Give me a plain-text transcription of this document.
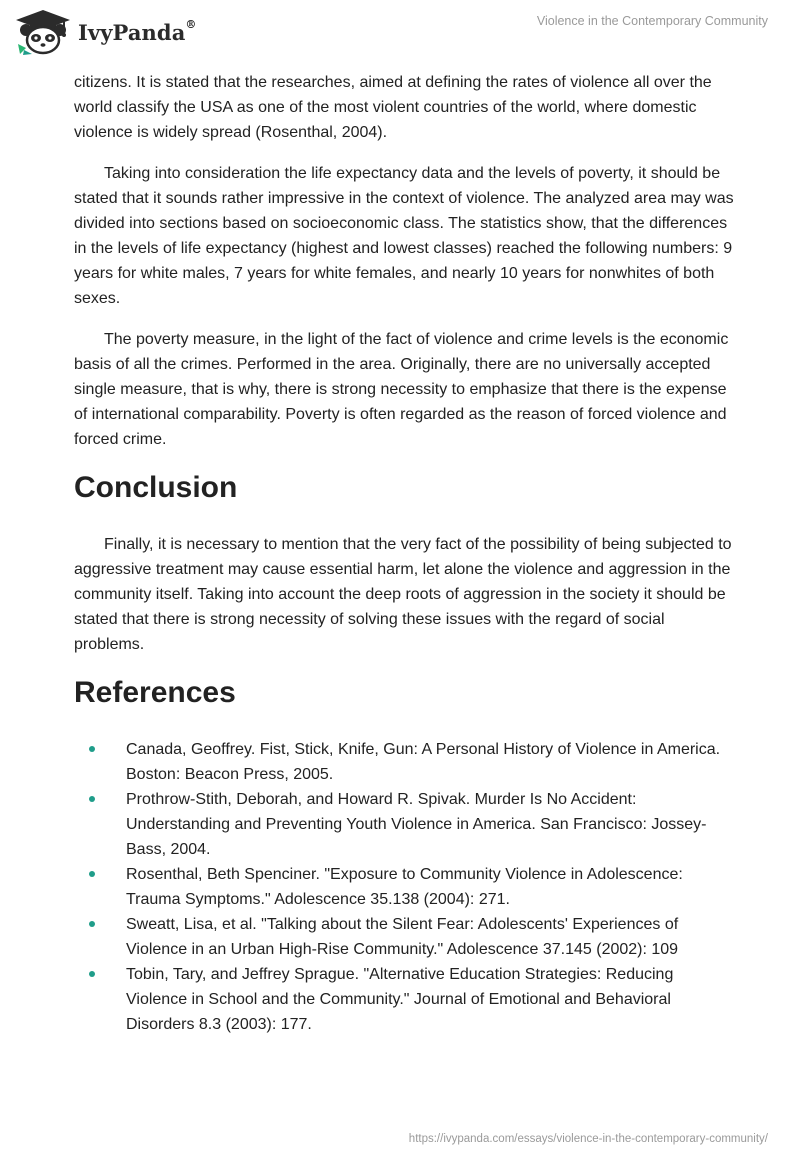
IvyPanda®	Violence in the Contemporary Community

citizens. It is stated that the researches, aimed at defining the rates of violence all over the world classify the USA as one of the most violent countries of the world, where domestic violence is widely spread (Rosenthal, 2004).

Taking into consideration the life expectancy data and the levels of poverty, it should be stated that it sounds rather impressive in the context of violence. The analyzed area may was divided into sections based on socioeconomic class. The statistics show, that the differences in the levels of life expectancy (highest and lowest classes) reached the following numbers: 9 years for white males, 7 years for white females, and nearly 10 years for nonwhites of both sexes.

The poverty measure, in the light of the fact of violence and crime levels is the economic basis of all the crimes. Performed in the area. Originally, there are no universally accepted single measure, that is why, there is strong necessity to emphasize that there is the expense of international comparability. Poverty is often regarded as the reason of forced violence and forced crime.

Conclusion

Finally, it is necessary to mention that the very fact of the possibility of being subjected to aggressive treatment may cause essential harm, let alone the violence and aggression in the community itself. Taking into account the deep roots of aggression in the society it should be stated that there is strong necessity of solving these issues with the regard of social problems.

References
Canada, Geoffrey. Fist, Stick, Knife, Gun: A Personal History of Violence in America. Boston: Beacon Press, 2005.
Prothrow-Stith, Deborah, and Howard R. Spivak. Murder Is No Accident: Understanding and Preventing Youth Violence in America. San Francisco: Jossey-Bass, 2004.
Rosenthal, Beth Spenciner. "Exposure to Community Violence in Adolescence: Trauma Symptoms." Adolescence 35.138 (2004): 271.
Sweatt, Lisa, et al. "Talking about the Silent Fear: Adolescents' Experiences of Violence in an Urban High-Rise Community." Adolescence 37.145 (2002): 109
Tobin, Tary, and Jeffrey Sprague. "Alternative Education Strategies: Reducing Violence in School and the Community." Journal of Emotional and Behavioral Disorders 8.3 (2003): 177.
https://ivypanda.com/essays/violence-in-the-contemporary-community/
